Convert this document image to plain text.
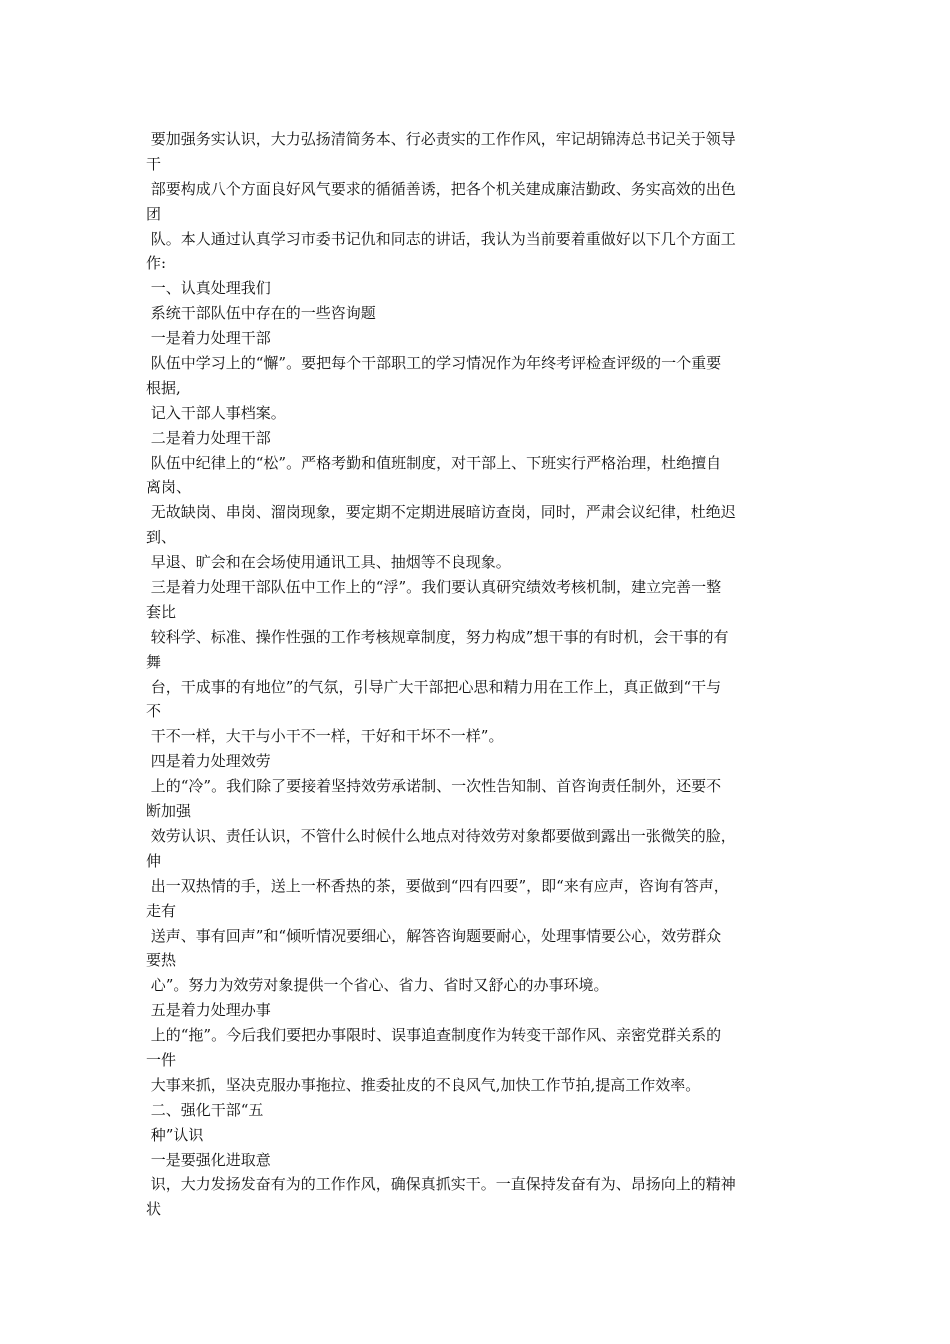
要加强务实认识，大力弘扬清简务本、行必责实的工作作风，牢记胡锦涛总书记关于领导
干
部要构成八个方面良好风气要求的循循善诱，把各个机关建成廉洁勤政、务实高效的出色
团
队。本人通过认真学习市委书记仇和同志的讲话，我认为当前要着重做好以下几个方面工
作:
一、认真处理我们
系统干部队伍中存在的一些咨询题
一是着力处理干部
队伍中学习上的“懈”。要把每个干部职工的学习情况作为年终考评检查评级的一个重要
根据,
记入干部人事档案。
二是着力处理干部
队伍中纪律上的“松”。严格考勤和值班制度，对干部上、下班实行严格治理，杜绝擅自
离岗、
无故缺岗、串岗、溜岗现象，要定期不定期进展暗访查岗，同时，严肃会议纪律，杜绝迟
到、
早退、旷会和在会场使用通讯工具、抽烟等不良现象。
三是着力处理干部队伍中工作上的“浮”。我们要认真研究绩效考核机制，建立完善一整
套比
较科学、标准、操作性强的工作考核规章制度，努力构成”想干事的有时机，会干事的有
舞
台，干成事的有地位”的气氛，引导广大干部把心思和精力用在工作上，真正做到“干与
不
干不一样，大干与小干不一样，干好和干坏不一样”。
四是着力处理效劳
上的“冷”。我们除了要接着坚持效劳承诺制、一次性告知制、首咨询责任制外，还要不
断加强
效劳认识、责任认识，不管什么时候什么地点对待效劳对象都要做到露出一张微笑的脸，
伸
出一双热情的手，送上一杯香热的茶，要做到“四有四要”，即“来有应声，咨询有答声，
走有
送声、事有回声”和“倾听情况要细心，解答咨询题要耐心，处理事情要公心，效劳群众
要热
心”。努力为效劳对象提供一个省心、省力、省时又舒心的办事环境。
五是着力处理办事
上的“拖”。今后我们要把办事限时、误事追查制度作为转变干部作风、亲密党群关系的
一件
大事来抓，坚决克服办事拖拉、推委扯皮的不良风气,加快工作节拍,提高工作效率。
二、强化干部“五
种”认识
一是要强化进取意
识，大力发扬发奋有为的工作作风，确保真抓实干。一直保持发奋有为、昂扬向上的精神
状
